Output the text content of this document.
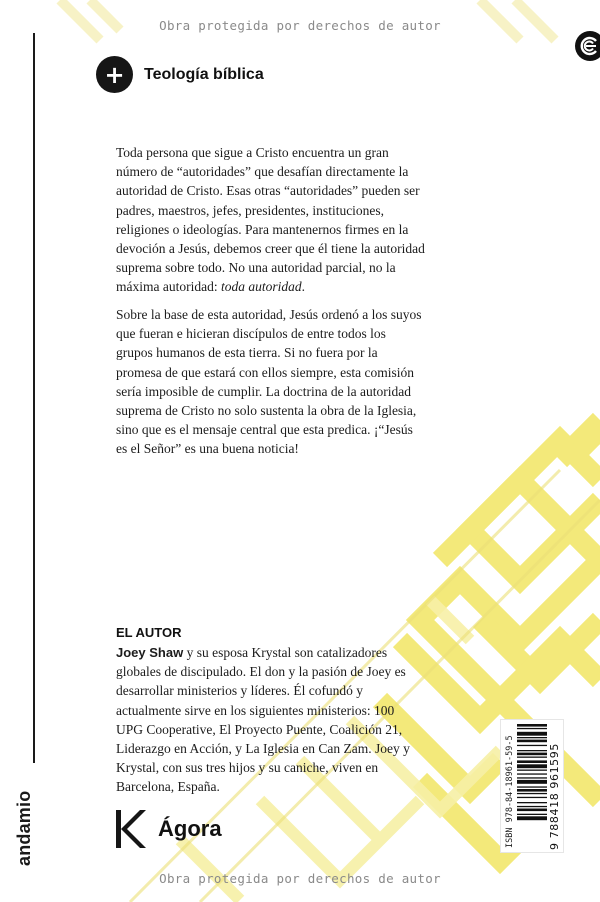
Obra protegida por derechos de autor
Obra protegida por derechos de autor
andamio
+	Teología bíblica

Toda persona que sigue a Cristo encuentra un gran número de “autoridades” que desafían directamente la autoridad de Cristo. Esas otras “autoridades” pueden ser padres, maestros, jefes, presidentes, instituciones, religiones o ideologías. Para mantenernos firmes en la devoción a Jesús, debemos creer que él tiene la autoridad suprema sobre todo. No una autoridad parcial, no la máxima autoridad: toda autoridad.

Sobre la base de esta autoridad, Jesús ordenó a los suyos que fueran e hicieran discípulos de entre todos los grupos humanos de esta tierra. Si no fuera por la promesa de que estará con ellos siempre, esta comisión sería imposible de cumplir. La doctrina de la autoridad suprema de Cristo no solo sustenta la obra de la Iglesia, sino que es el mensaje central que esta predica. ¡“Jesús es el Señor” es una buena noticia!

EL AUTOR

Joey Shaw y su esposa Krystal son catalizadores globales de discipulado. El don y la pasión de Joey es desarrollar ministerios y líderes. Él cofundó y actualmente sirve en los siguientes ministerios: 100 UPG Cooperative, El Proyecto Puente, Coalición 21, Liderazgo en Acción, y La Iglesia en Can Zam. Joey y Krystal, con sus tres hijos y su caniche, viven en Barcelona, España.

Ágora	ISBN 978-84-18961-59-5	9 788418 961595
